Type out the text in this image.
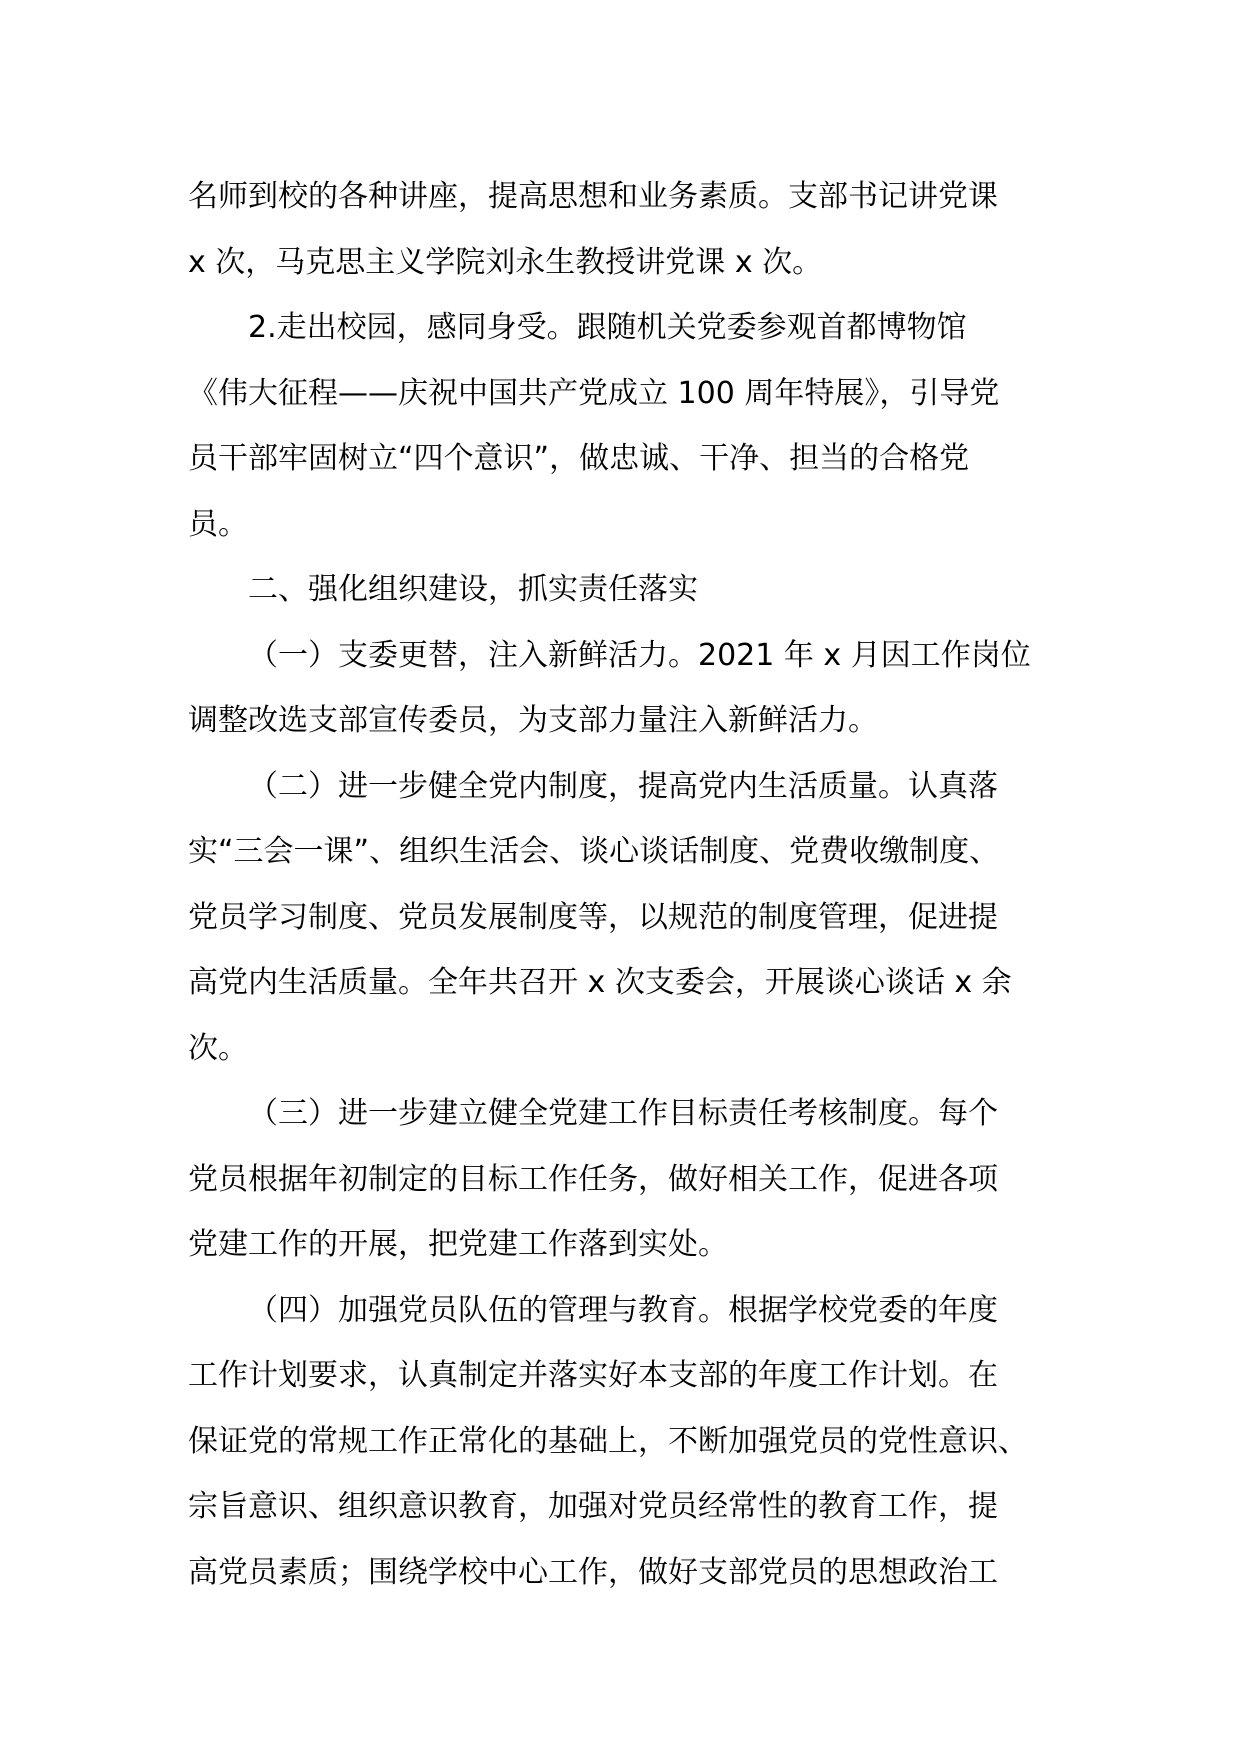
名师到校的各种讲座，提高思想和业务素质。支部书记讲党课
x 次，马克思主义学院刘永生教授讲党课 x 次。
2.走出校园，感同身受。跟随机关党委参观首都博物馆
《伟大征程——庆祝中国共产党成立 100 周年特展》，引导党
员干部牢固树立“四个意识”，做忠诚、干净、担当的合格党
员。
二、强化组织建设，抓实责任落实
（一）支委更替，注入新鲜活力。2021 年 x 月因工作岗位
调整改选支部宣传委员，为支部力量注入新鲜活力。
（二）进一步健全党内制度，提高党内生活质量。认真落
实“三会一课”、组织生活会、谈心谈话制度、党费收缴制度、
党员学习制度、党员发展制度等，以规范的制度管理，促进提
高党内生活质量。全年共召开 x 次支委会，开展谈心谈话 x 余
次。
（三）进一步建立健全党建工作目标责任考核制度。每个
党员根据年初制定的目标工作任务，做好相关工作，促进各项
党建工作的开展，把党建工作落到实处。
（四）加强党员队伍的管理与教育。根据学校党委的年度
工作计划要求，认真制定并落实好本支部的年度工作计划。在
保证党的常规工作正常化的基础上，不断加强党员的党性意识、
宗旨意识、组织意识教育，加强对党员经常性的教育工作，提
高党员素质；围绕学校中心工作，做好支部党员的思想政治工
